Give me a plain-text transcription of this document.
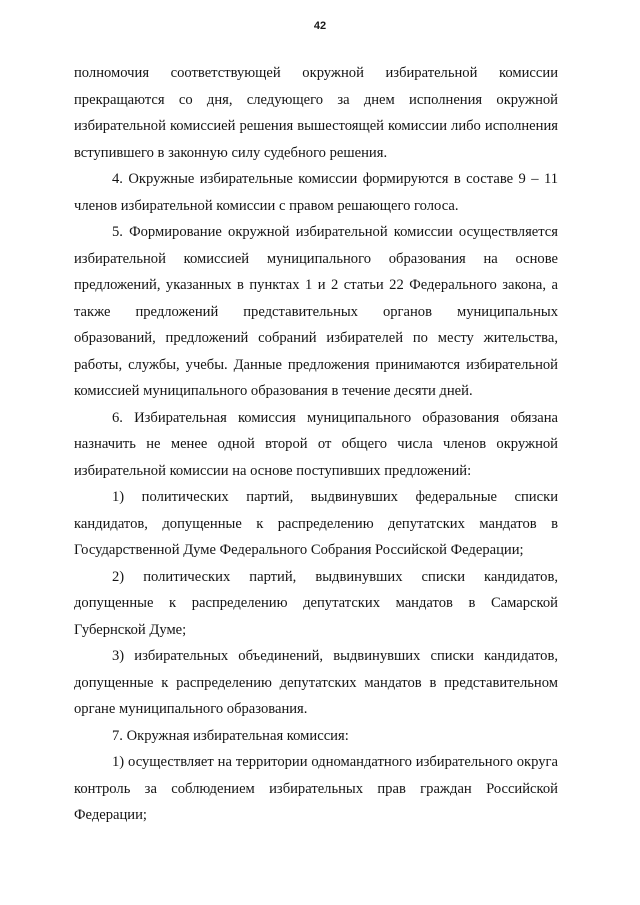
42

полномочия соответствующей окружной избирательной комиссии прекращаются со дня, следующего за днем исполнения окружной избирательной комиссией решения вышестоящей комиссии либо исполнения вступившего в законную силу судебного решения.

4. Окружные избирательные комиссии формируются в составе 9 – 11 членов избирательной комиссии с правом решающего голоса.

5. Формирование окружной избирательной комиссии осуществляется избирательной комиссией муниципального образования на основе предложений, указанных в пунктах 1 и 2 статьи 22 Федерального закона, а также предложений представительных органов муниципальных образований, предложений собраний избирателей по месту жительства, работы, службы, учебы. Данные предложения принимаются избирательной комиссией муниципального образования в течение десяти дней.

6. Избирательная комиссия муниципального образования обязана назначить не менее одной второй от общего числа членов окружной избирательной комиссии на основе поступивших предложений:

1) политических партий, выдвинувших федеральные списки кандидатов, допущенные к распределению депутатских мандатов в Государственной Думе Федерального Собрания Российской Федерации;

2) политических партий, выдвинувших списки кандидатов, допущенные к распределению депутатских мандатов в Самарской Губернской Думе;

3) избирательных объединений, выдвинувших списки кандидатов, допущенные к распределению депутатских мандатов в представительном органе муниципального образования.

7. Окружная избирательная комиссия:

1) осуществляет на территории одномандатного избирательного округа контроль за соблюдением избирательных прав граждан Российской Федерации;
